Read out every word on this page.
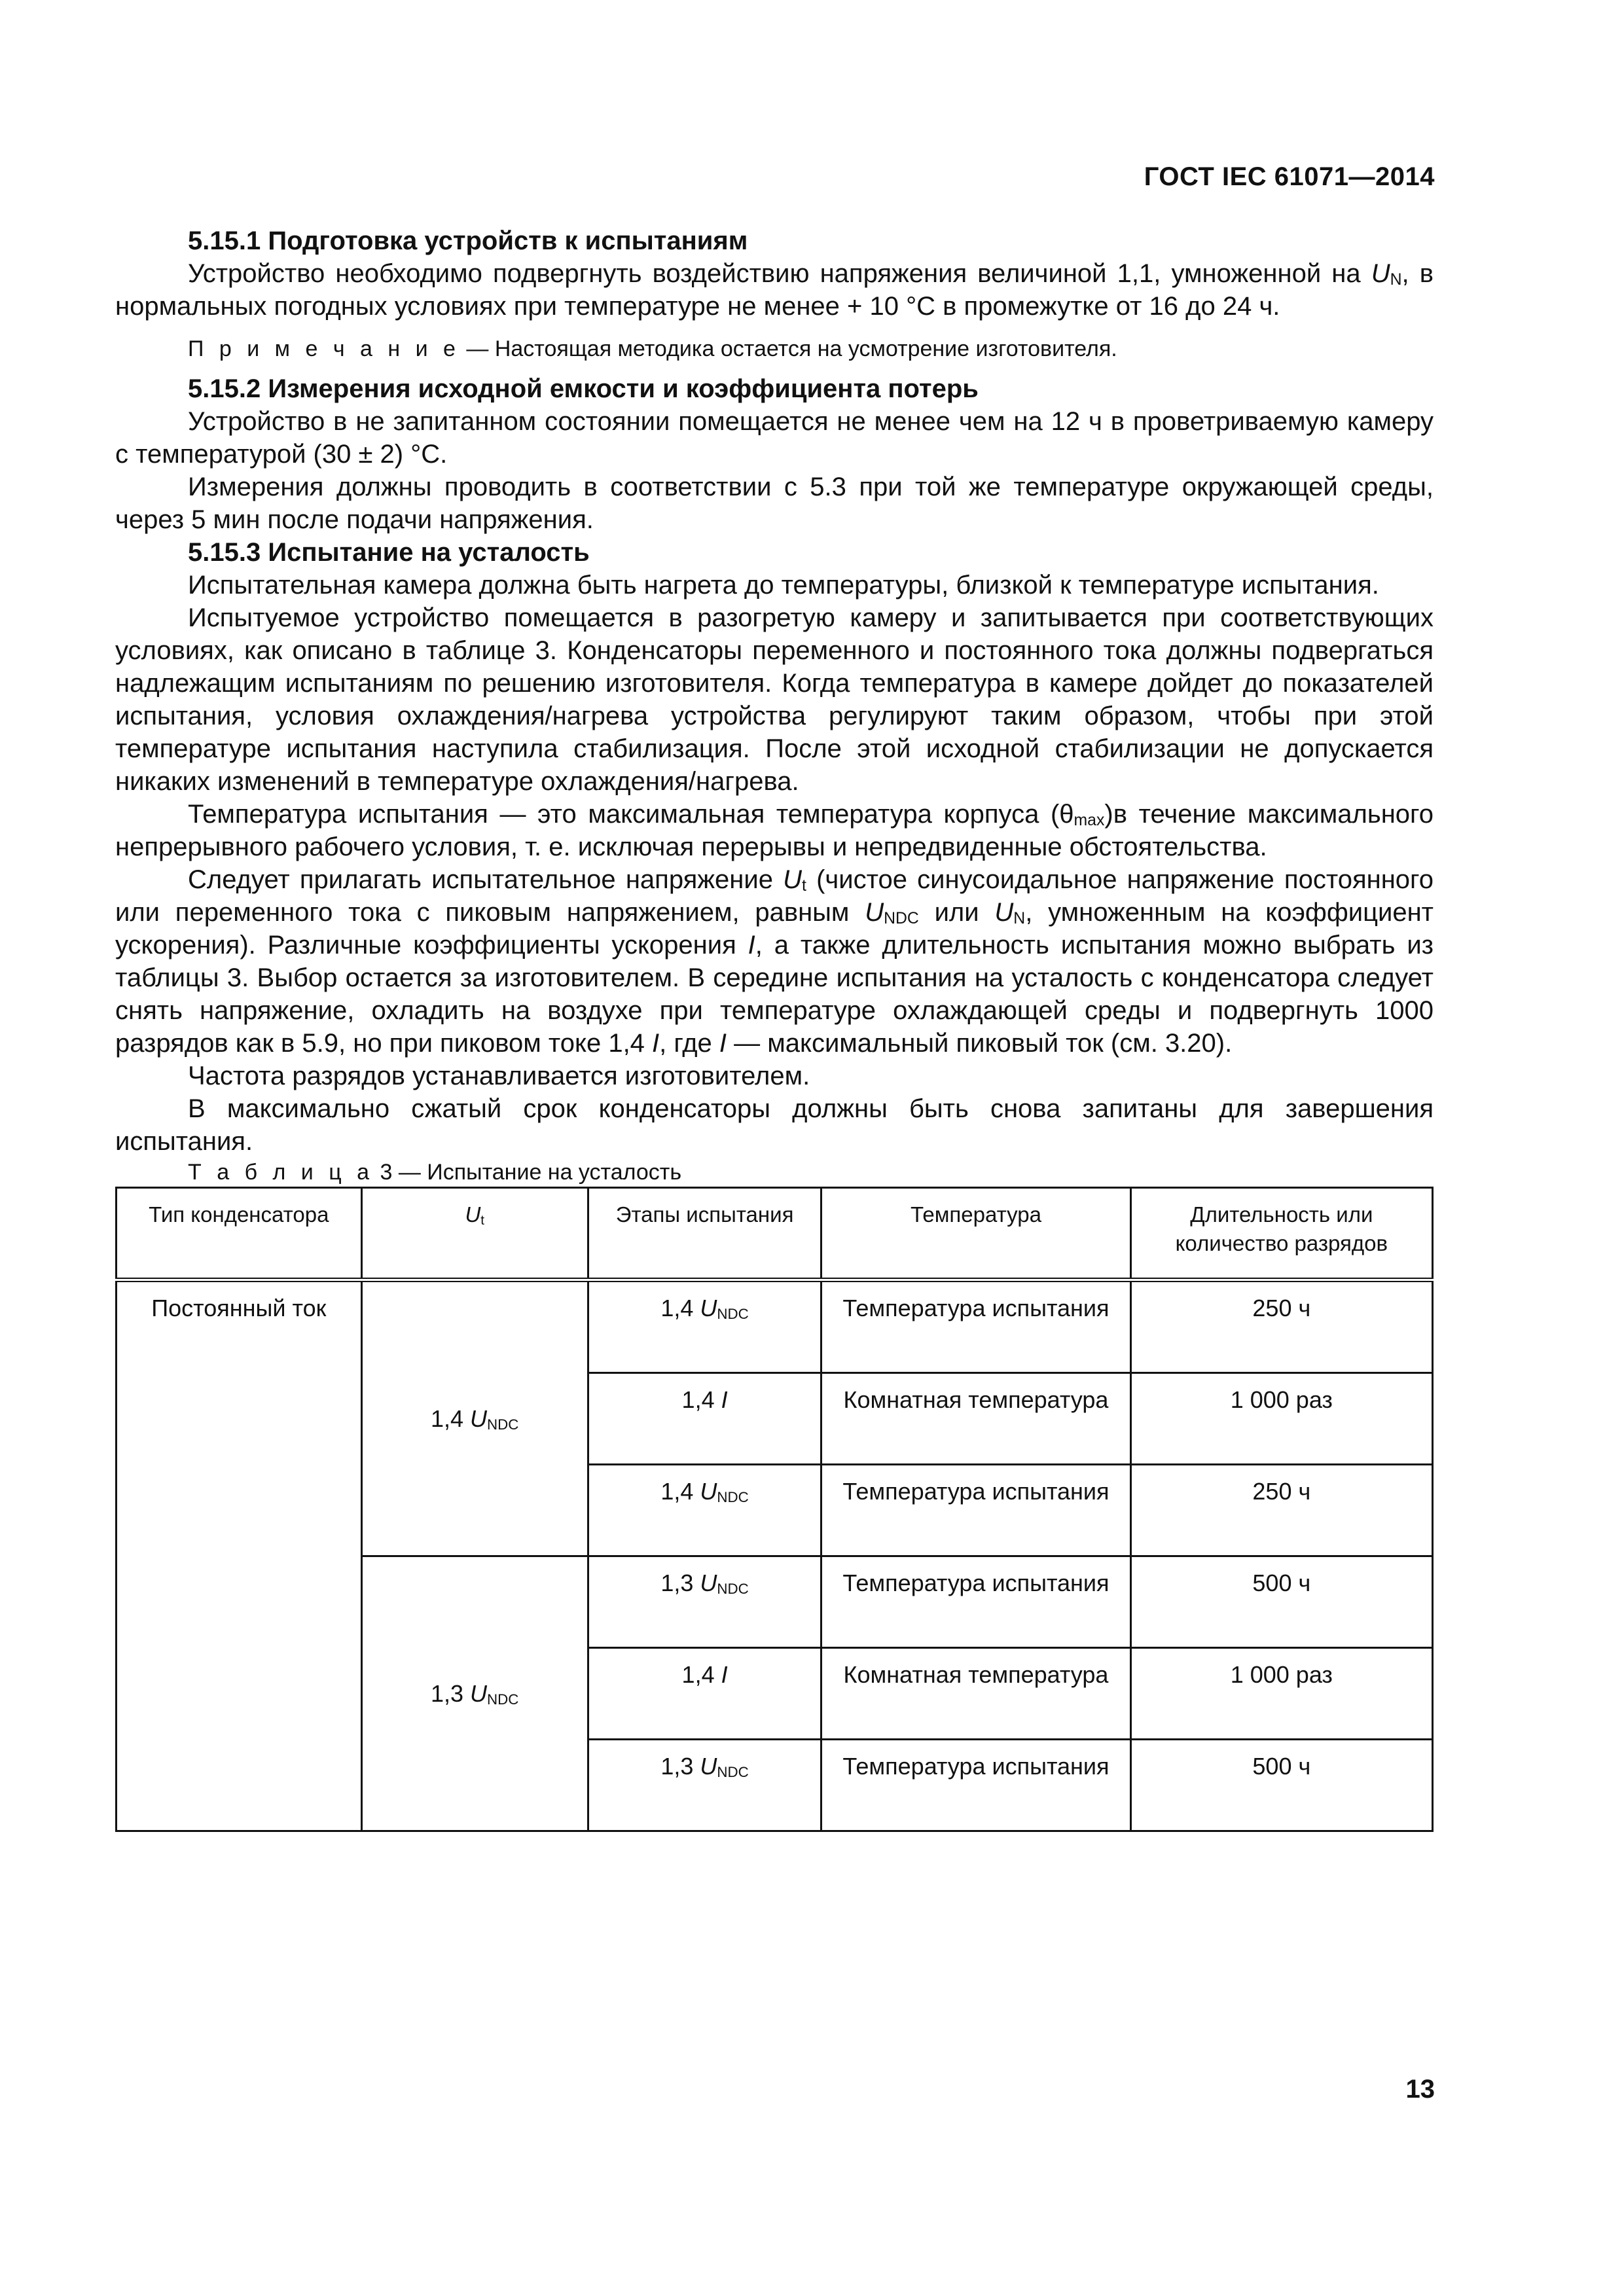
ГОСТ IEC 61071—2014

5.15.1 Подготовка устройств к испытаниям

Устройство необходимо подвергнуть воздействию напряжения величиной 1,1, умноженной на $U_N$, в нормальных погодных условиях при температуре не менее + 10 °С в промежутке от 16 до 24 ч.

П р и м е ч а н и е — Настоящая методика остается на усмотрение изготовителя.

5.15.2 Измерения исходной емкости и коэффициента потерь

Устройство в не запитанном состоянии помещается не менее чем на 12 ч в проветриваемую камеру с температурой (30 ± 2) °С.

Измерения должны проводить в соответствии с 5.3 при той же температуре окружающей среды, через 5 мин после подачи напряжения.

5.15.3 Испытание на усталость

Испытательная камера должна быть нагрета до температуры, близкой к температуре испытания.

Испытуемое устройство помещается в разогретую камеру и запитывается при соответствующих условиях, как описано в таблице 3. Конденсаторы переменного и постоянного тока должны подвергаться надлежащим испытаниям по решению изготовителя. Когда температура в камере дойдет до показателей испытания, условия охлаждения/нагрева устройства регулируют таким образом, чтобы при этой температуре испытания наступила стабилизация. После этой исходной стабилизации не допускается никаких изменений в температуре охлаждения/нагрева.

Температура испытания — это максимальная температура корпуса $(\theta_{max})в$ течение максимального непрерывного рабочего условия, т. е. исключая перерывы и непредвиденные обстоятельства.

Следует прилагать испытательное напряжение $U_t$ (чистое синусоидальное напряжение постоянного или переменного тока с пиковым напряжением, равным $U_{NDC}$ или $U_N$, умноженным на коэффициент ускорения). Различные коэффициенты ускорения I, а также длительность испытания можно выбрать из таблицы 3. Выбор остается за изготовителем. В середине испытания на усталость с конденсатора следует снять напряжение, охладить на воздухе при температуре охлаждающей среды и подвергнуть 1000 разрядов как в 5.9, но при пиковом токе 1,4 I, где I — максимальный пиковый ток (см. 3.20).

Частота разрядов устанавливается изготовителем.

В максимально сжатый срок конденсаторы должны быть снова запитаны для завершения испытания.

Т а б л и ц а 3 — Испытание на усталость

Тип конденсатора	$U_t$	Этапы испытания	Температура	Длительность или количество разрядов
Постоянный ток	1,4 $U_{NDC}$	1,4 $U_{NDC}$	Температура испытания	250 ч
		1,4 I	Комнатная температура	1 000 раз
		1,4 $U_{NDC}$	Температура испытания	250 ч
	1,3 $U_{NDC}$	1,3 $U_{NDC}$	Температура испытания	500 ч
		1,4 I	Комнатная температура	1 000 раз
		1,3 $U_{NDC}$	Температура испытания	500 ч
13
